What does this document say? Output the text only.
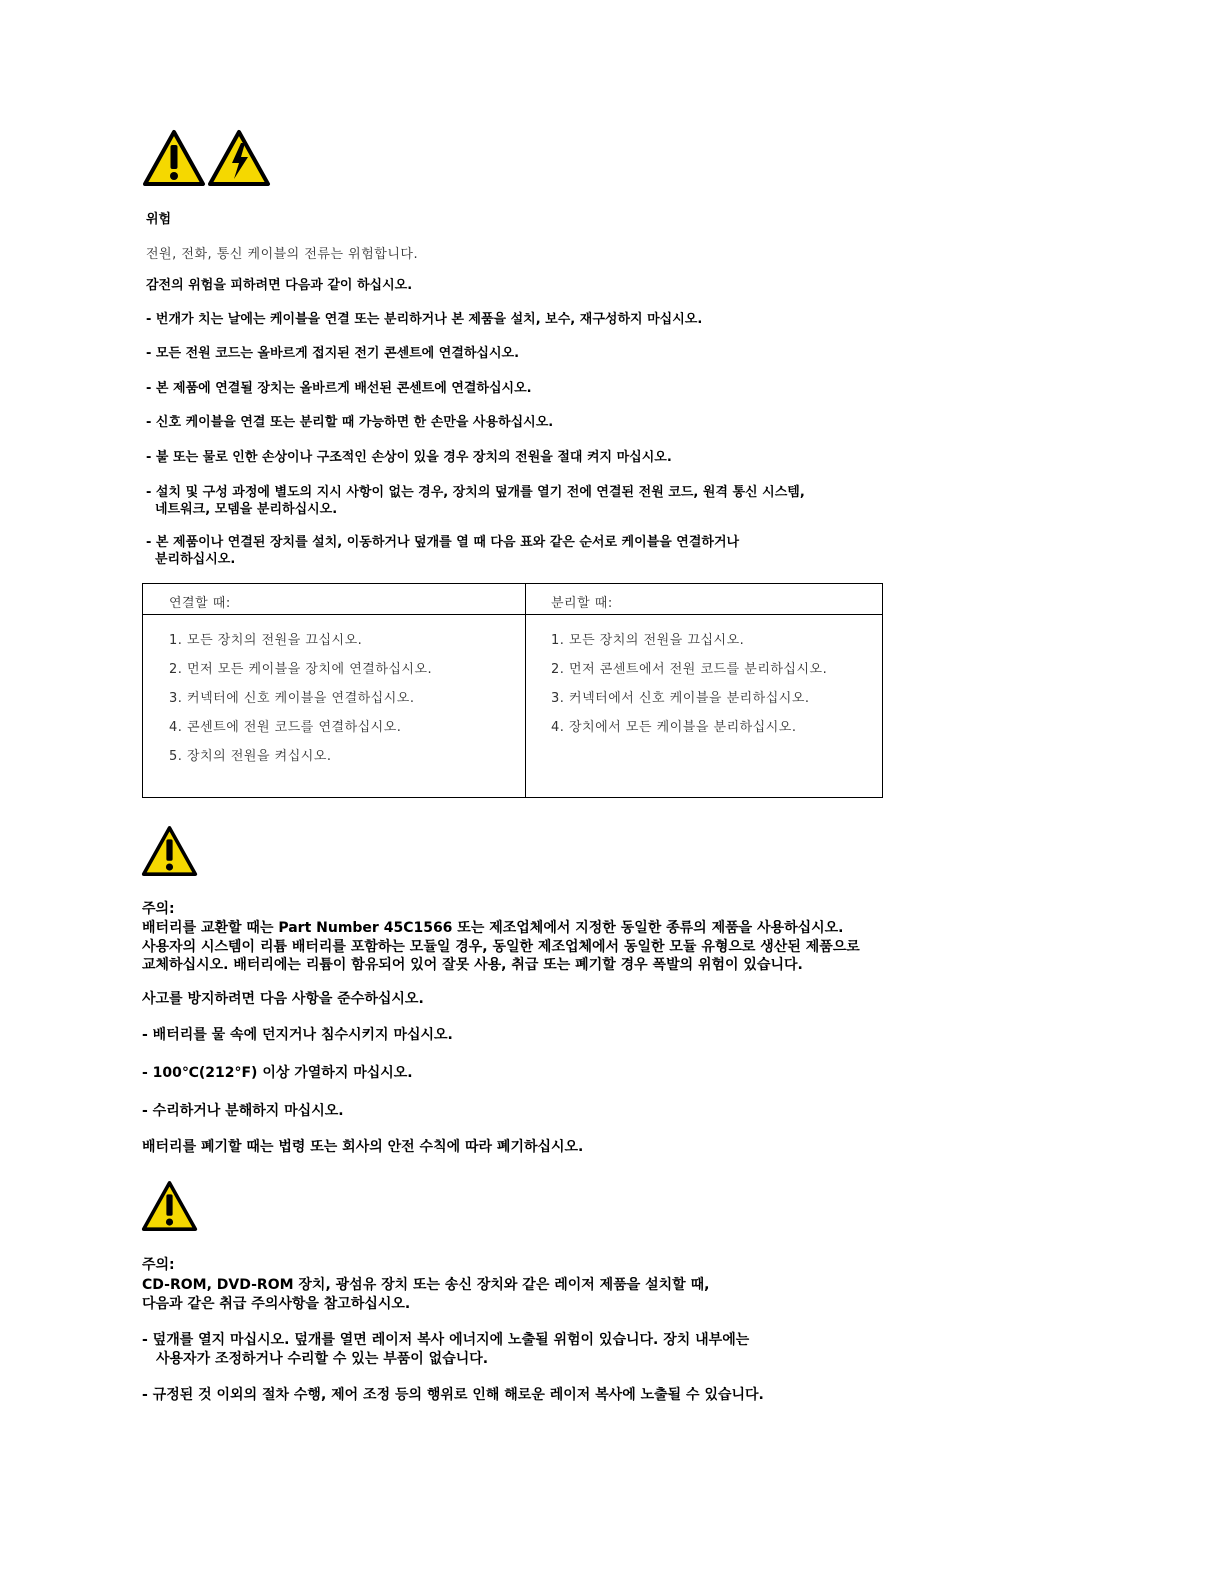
위험
전원, 전화, 통신 케이블의 전류는 위험합니다.
감전의 위험을 피하려면 다음과 같이 하십시오.
- 번개가 치는 날에는 케이블을 연결 또는 분리하거나 본 제품을 설치, 보수, 재구성하지 마십시오.
- 모든 전원 코드는 올바르게 접지된 전기 콘센트에 연결하십시오.
- 본 제품에 연결될 장치는 올바르게 배선된 콘센트에 연결하십시오.
- 신호 케이블을 연결 또는 분리할 때 가능하면 한 손만을 사용하십시오.
- 불 또는 물로 인한 손상이나 구조적인 손상이 있을 경우 장치의 전원을 절대 켜지 마십시오.
- 설치 및 구성 과정에 별도의 지시 사항이 없는 경우, 장치의 덮개를 열기 전에 연결된 전원 코드, 원격 통신 시스템,
네트워크, 모뎀을 분리하십시오.
- 본 제품이나 연결된 장치를 설치, 이동하거나 덮개를 열 때 다음 표와 같은 순서로 케이블을 연결하거나
분리하십시오.
연결할 때:	분리할 때:
1. 모든 장치의 전원을 끄십시오.
2. 먼저 모든 케이블을 장치에 연결하십시오.
3. 커넥터에 신호 케이블을 연결하십시오.
4. 콘센트에 전원 코드를 연결하십시오.
5. 장치의 전원을 켜십시오.
1. 모든 장치의 전원을 끄십시오.
2. 먼저 콘센트에서 전원 코드를 분리하십시오.
3. 커넥터에서 신호 케이블을 분리하십시오.
4. 장치에서 모든 케이블을 분리하십시오.
주의:
배터리를 교환할 때는 Part Number 45C1566 또는 제조업체에서 지정한 동일한 종류의 제품을 사용하십시오.
사용자의 시스템이 리튬 배터리를 포함하는 모듈일 경우, 동일한 제조업체에서 동일한 모듈 유형으로 생산된 제품으로
교체하십시오. 배터리에는 리튬이 함유되어 있어 잘못 사용, 취급 또는 폐기할 경우 폭발의 위험이 있습니다.
사고를 방지하려면 다음 사항을 준수하십시오.
- 배터리를 물 속에 던지거나 침수시키지 마십시오.
- 100℃(212°F) 이상 가열하지 마십시오.
- 수리하거나 분해하지 마십시오.
배터리를 폐기할 때는 법령 또는 회사의 안전 수칙에 따라 폐기하십시오.
주의:
CD-ROM, DVD-ROM 장치, 광섬유 장치 또는 송신 장치와 같은 레이저 제품을 설치할 때,
다음과 같은 취급 주의사항을 참고하십시오.
- 덮개를 열지 마십시오. 덮개를 열면 레이저 복사 에너지에 노출될 위험이 있습니다. 장치 내부에는
사용자가 조정하거나 수리할 수 있는 부품이 없습니다.
- 규정된 것 이외의 절차 수행, 제어 조정 등의 행위로 인해 해로운 레이저 복사에 노출될 수 있습니다.
